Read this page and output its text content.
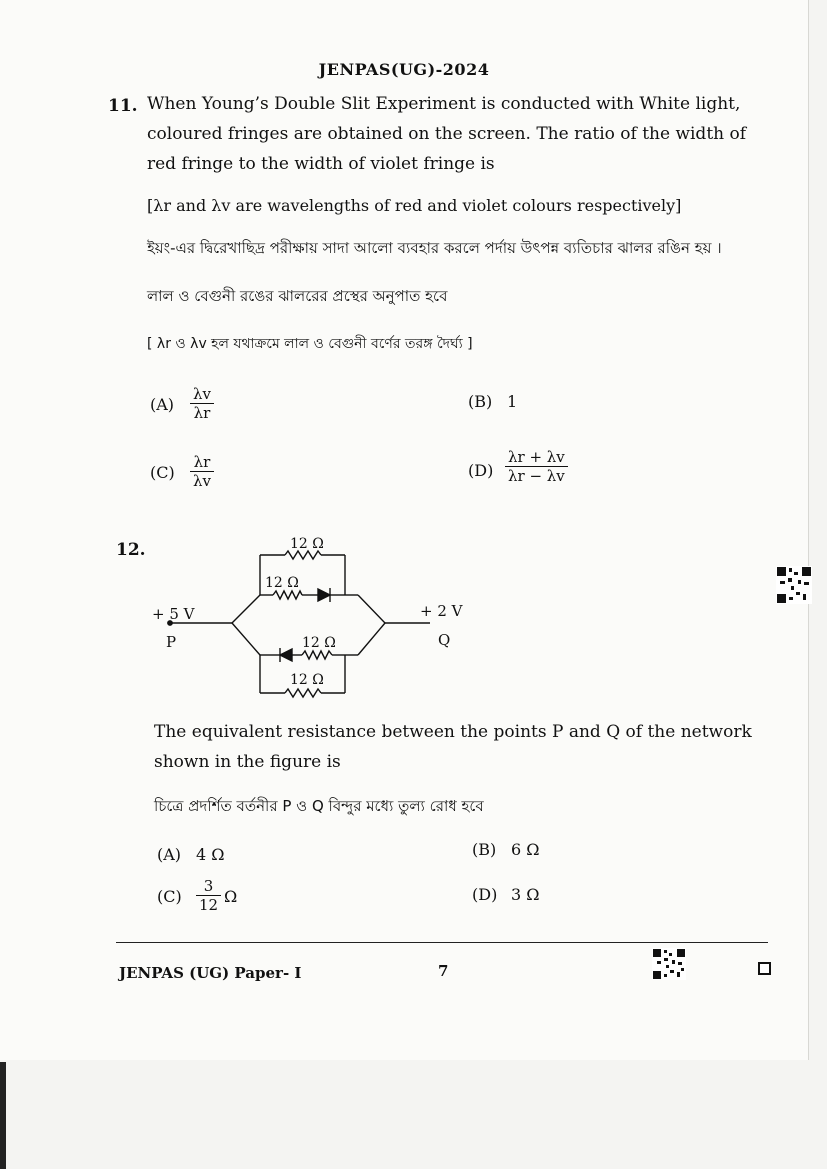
JENPAS(UG)-2024
11. When Young’s Double Slit Experiment is conducted with White light, coloured fringes are obtained on the screen. The ratio of the width of red fringe to the width of violet fringe is
[λr and λv are wavelengths of red and violet colours respectively]
ইয়ং-এর দ্বিরেখাছিদ্র পরীক্ষায় সাদা আলো ব্যবহার করলে পর্দায় উৎপন্ন ব্যতিচার ঝালর রঙিন হয় ।
লাল ও বেগুনী রঙের ঝালরের প্রস্থের অনুপাত হবে
[ λr ও λv হল যথাক্রমে লাল ও বেগুনী বর্ণের তরঙ্গ দৈর্ঘ্য ]
$(A) \frac{\lambda v}{\lambda r}$	(B) 1
$(C) \frac{\lambda r}{\lambda v}$	$(D) \frac{\lambda r + \lambda v}{\lambda r - \lambda v}$
12.	12 Ω
12 Ω
12 Ω
12 Ω
+ 5 V
P
+ 2 V
Q
The equivalent resistance between the points P and Q of the network shown in the figure is
চিত্রে প্রদর্শিত বর্তনীর P ও Q বিন্দুর মধ্যে তুল্য রোধ হবে
(A) 4 Ω	(B) 6 Ω
$(C) \frac{3}{12}$ Ω	(D) 3 Ω
JENPAS (UG) Paper- I	7
